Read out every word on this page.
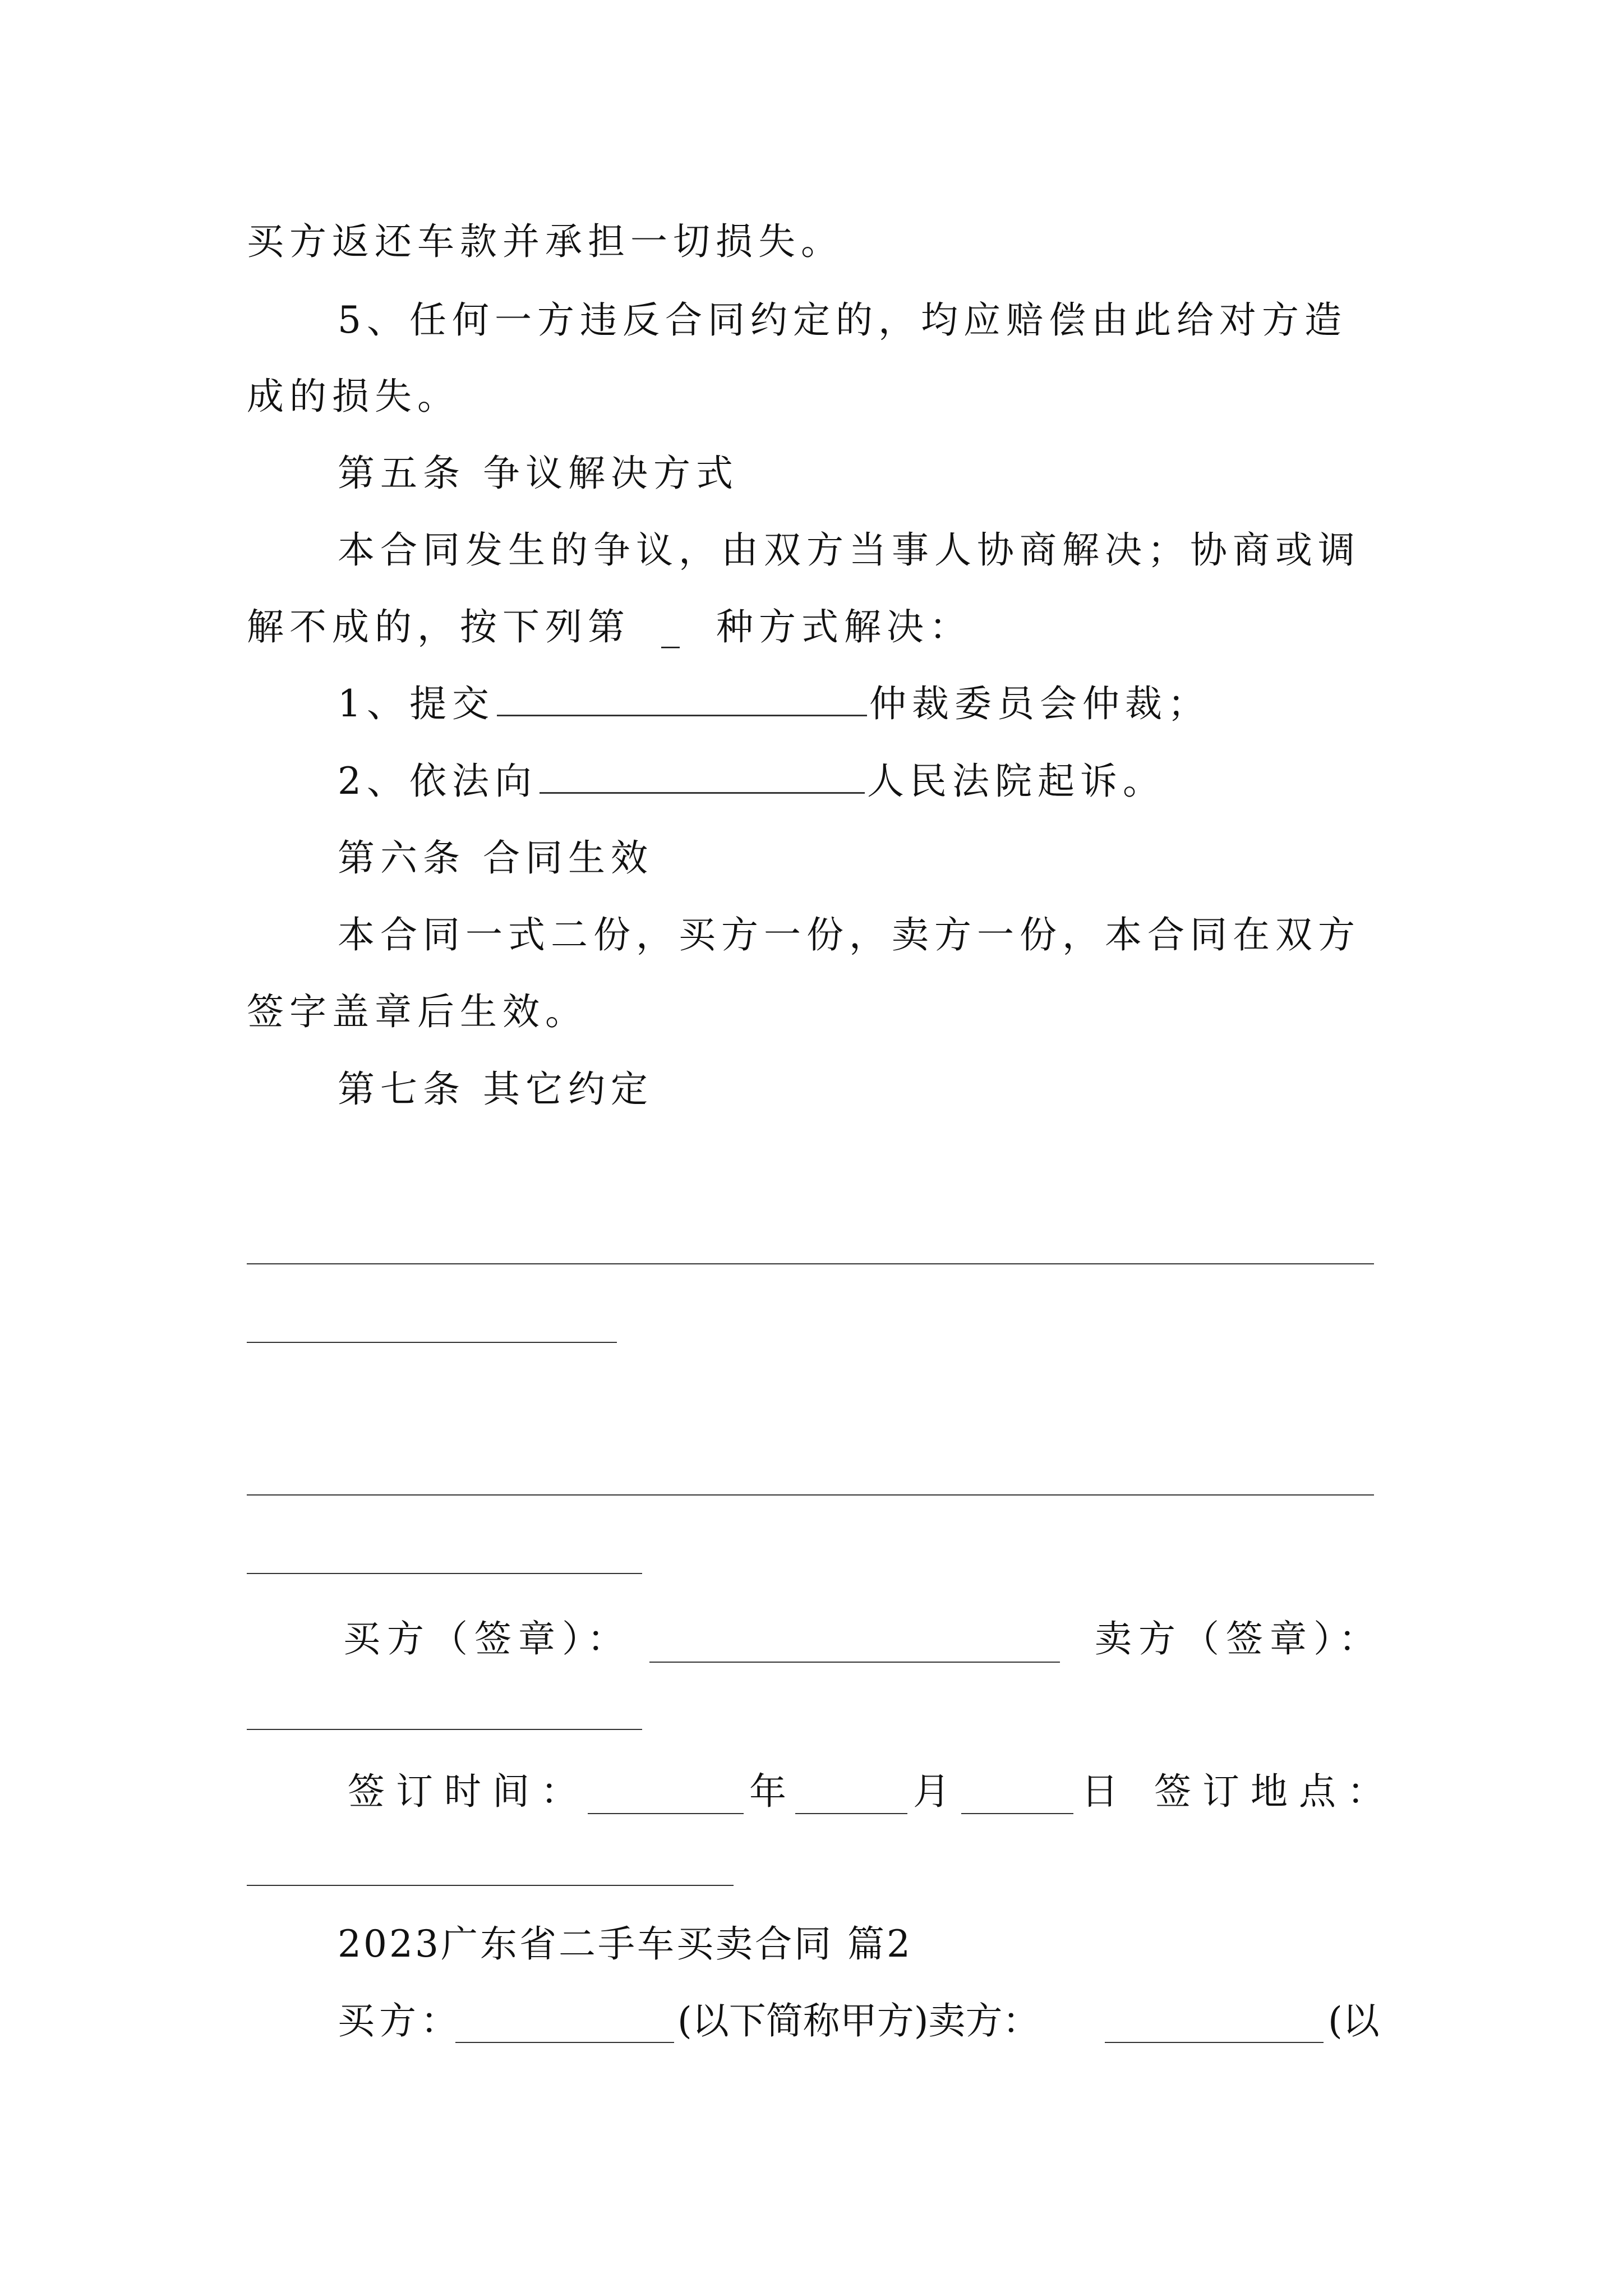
买方返还车款并承担一切损失。
5、任何一方违反合同约定的，均应赔偿由此给对方造
成的损失。
第五条 争议解决方式
本合同发生的争议，由双方当事人协商解决；协商或调
解不成的，按下列第 _ 种方式解决：
1、提交	仲裁委员会仲裁；
2、依法向	人民法院起诉。
第六条 合同生效
本合同一式二份，买方一份，卖方一份，本合同在双方
签字盖章后生效。
第七条 其它约定
买方（签章）：	卖方（签章）：
签订时间：	年	月	日 签订地点：
2023广东省二手车买卖合同 篇2
买方：	(以下简称甲方)卖方：	(以
